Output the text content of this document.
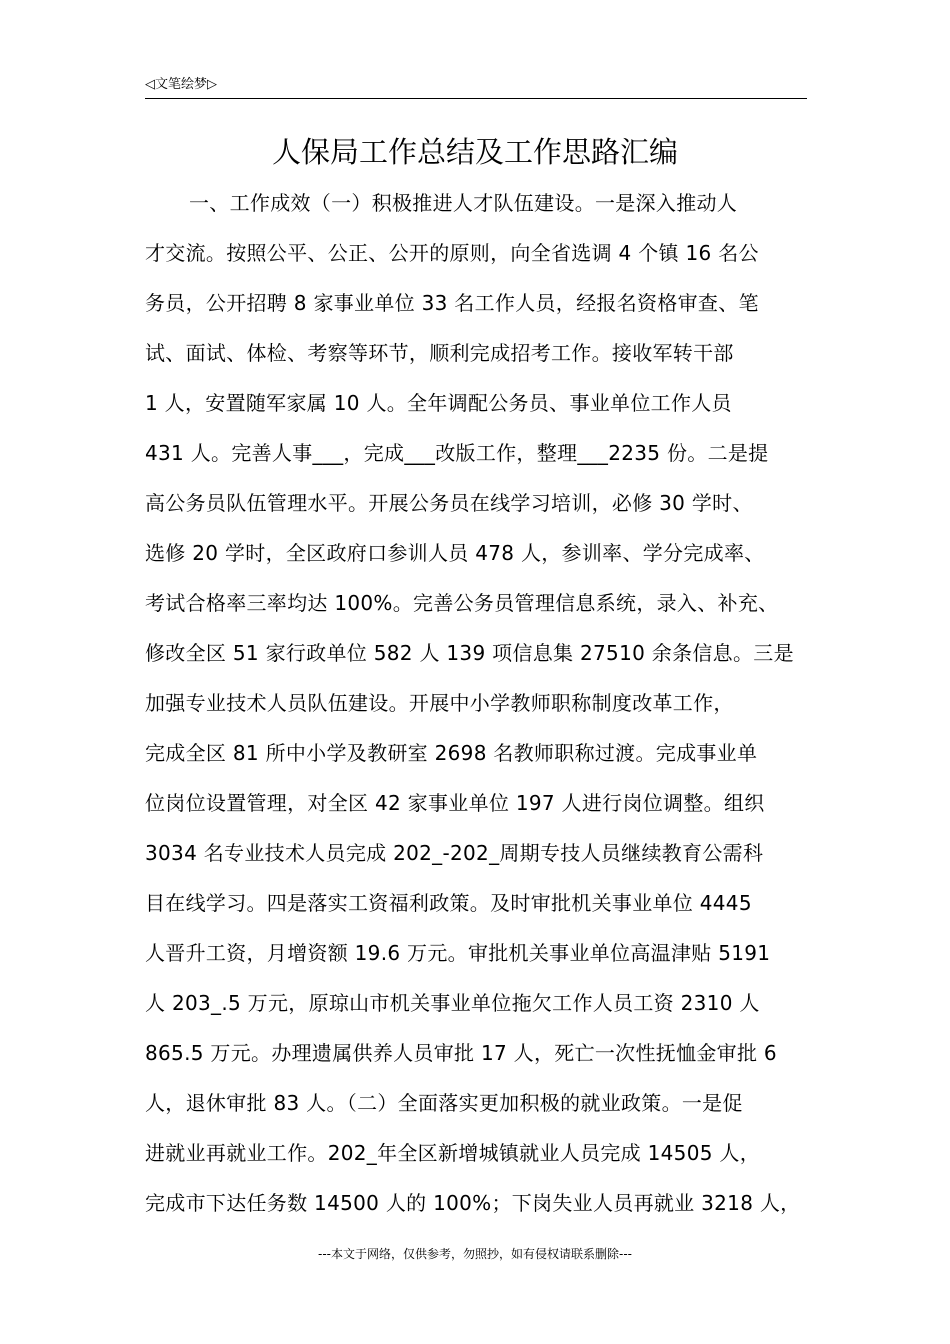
◁文笔绘梦▷
人保局工作总结及工作思路汇编
一、工作成效（一）积极推进人才队伍建设。一是深入推动人
才交流。按照公平、公正、公开的原则，向全省选调 4 个镇 16 名公
务员，公开招聘 8 家事业单位 33 名工作人员，经报名资格审查、笔
试、面试、体检、考察等环节，顺利完成招考工作。接收军转干部
1 人，安置随军家属 10 人。全年调配公务员、事业单位工作人员
431 人。完善人事___，完成___改版工作，整理___2235 份。二是提
高公务员队伍管理水平。开展公务员在线学习培训，必修 30 学时、
选修 20 学时，全区政府口参训人员 478 人，参训率、学分完成率、
考试合格率三率均达 100%。完善公务员管理信息系统，录入、补充、
修改全区 51 家行政单位 582 人 139 项信息集 27510 余条信息。三是
加强专业技术人员队伍建设。开展中小学教师职称制度改革工作，
完成全区 81 所中小学及教研室 2698 名教师职称过渡。完成事业单
位岗位设置管理，对全区 42 家事业单位 197 人进行岗位调整。组织
3034 名专业技术人员完成 202_-202_周期专技人员继续教育公需科
目在线学习。四是落实工资福利政策。及时审批机关事业单位 4445
人晋升工资，月增资额 19.6 万元。审批机关事业单位高温津贴 5191
人 203_.5 万元，原琼山市机关事业单位拖欠工作人员工资 2310 人
865.5 万元。办理遗属供养人员审批 17 人，死亡一次性抚恤金审批 6
人，退休审批 83 人。（二）全面落实更加积极的就业政策。一是促
进就业再就业工作。202_年全区新增城镇就业人员完成 14505 人，
完成市下达任务数 14500 人的 100%；下岗失业人员再就业 3218 人，
---本文于网络，仅供参考，勿照抄，如有侵权请联系删除---
